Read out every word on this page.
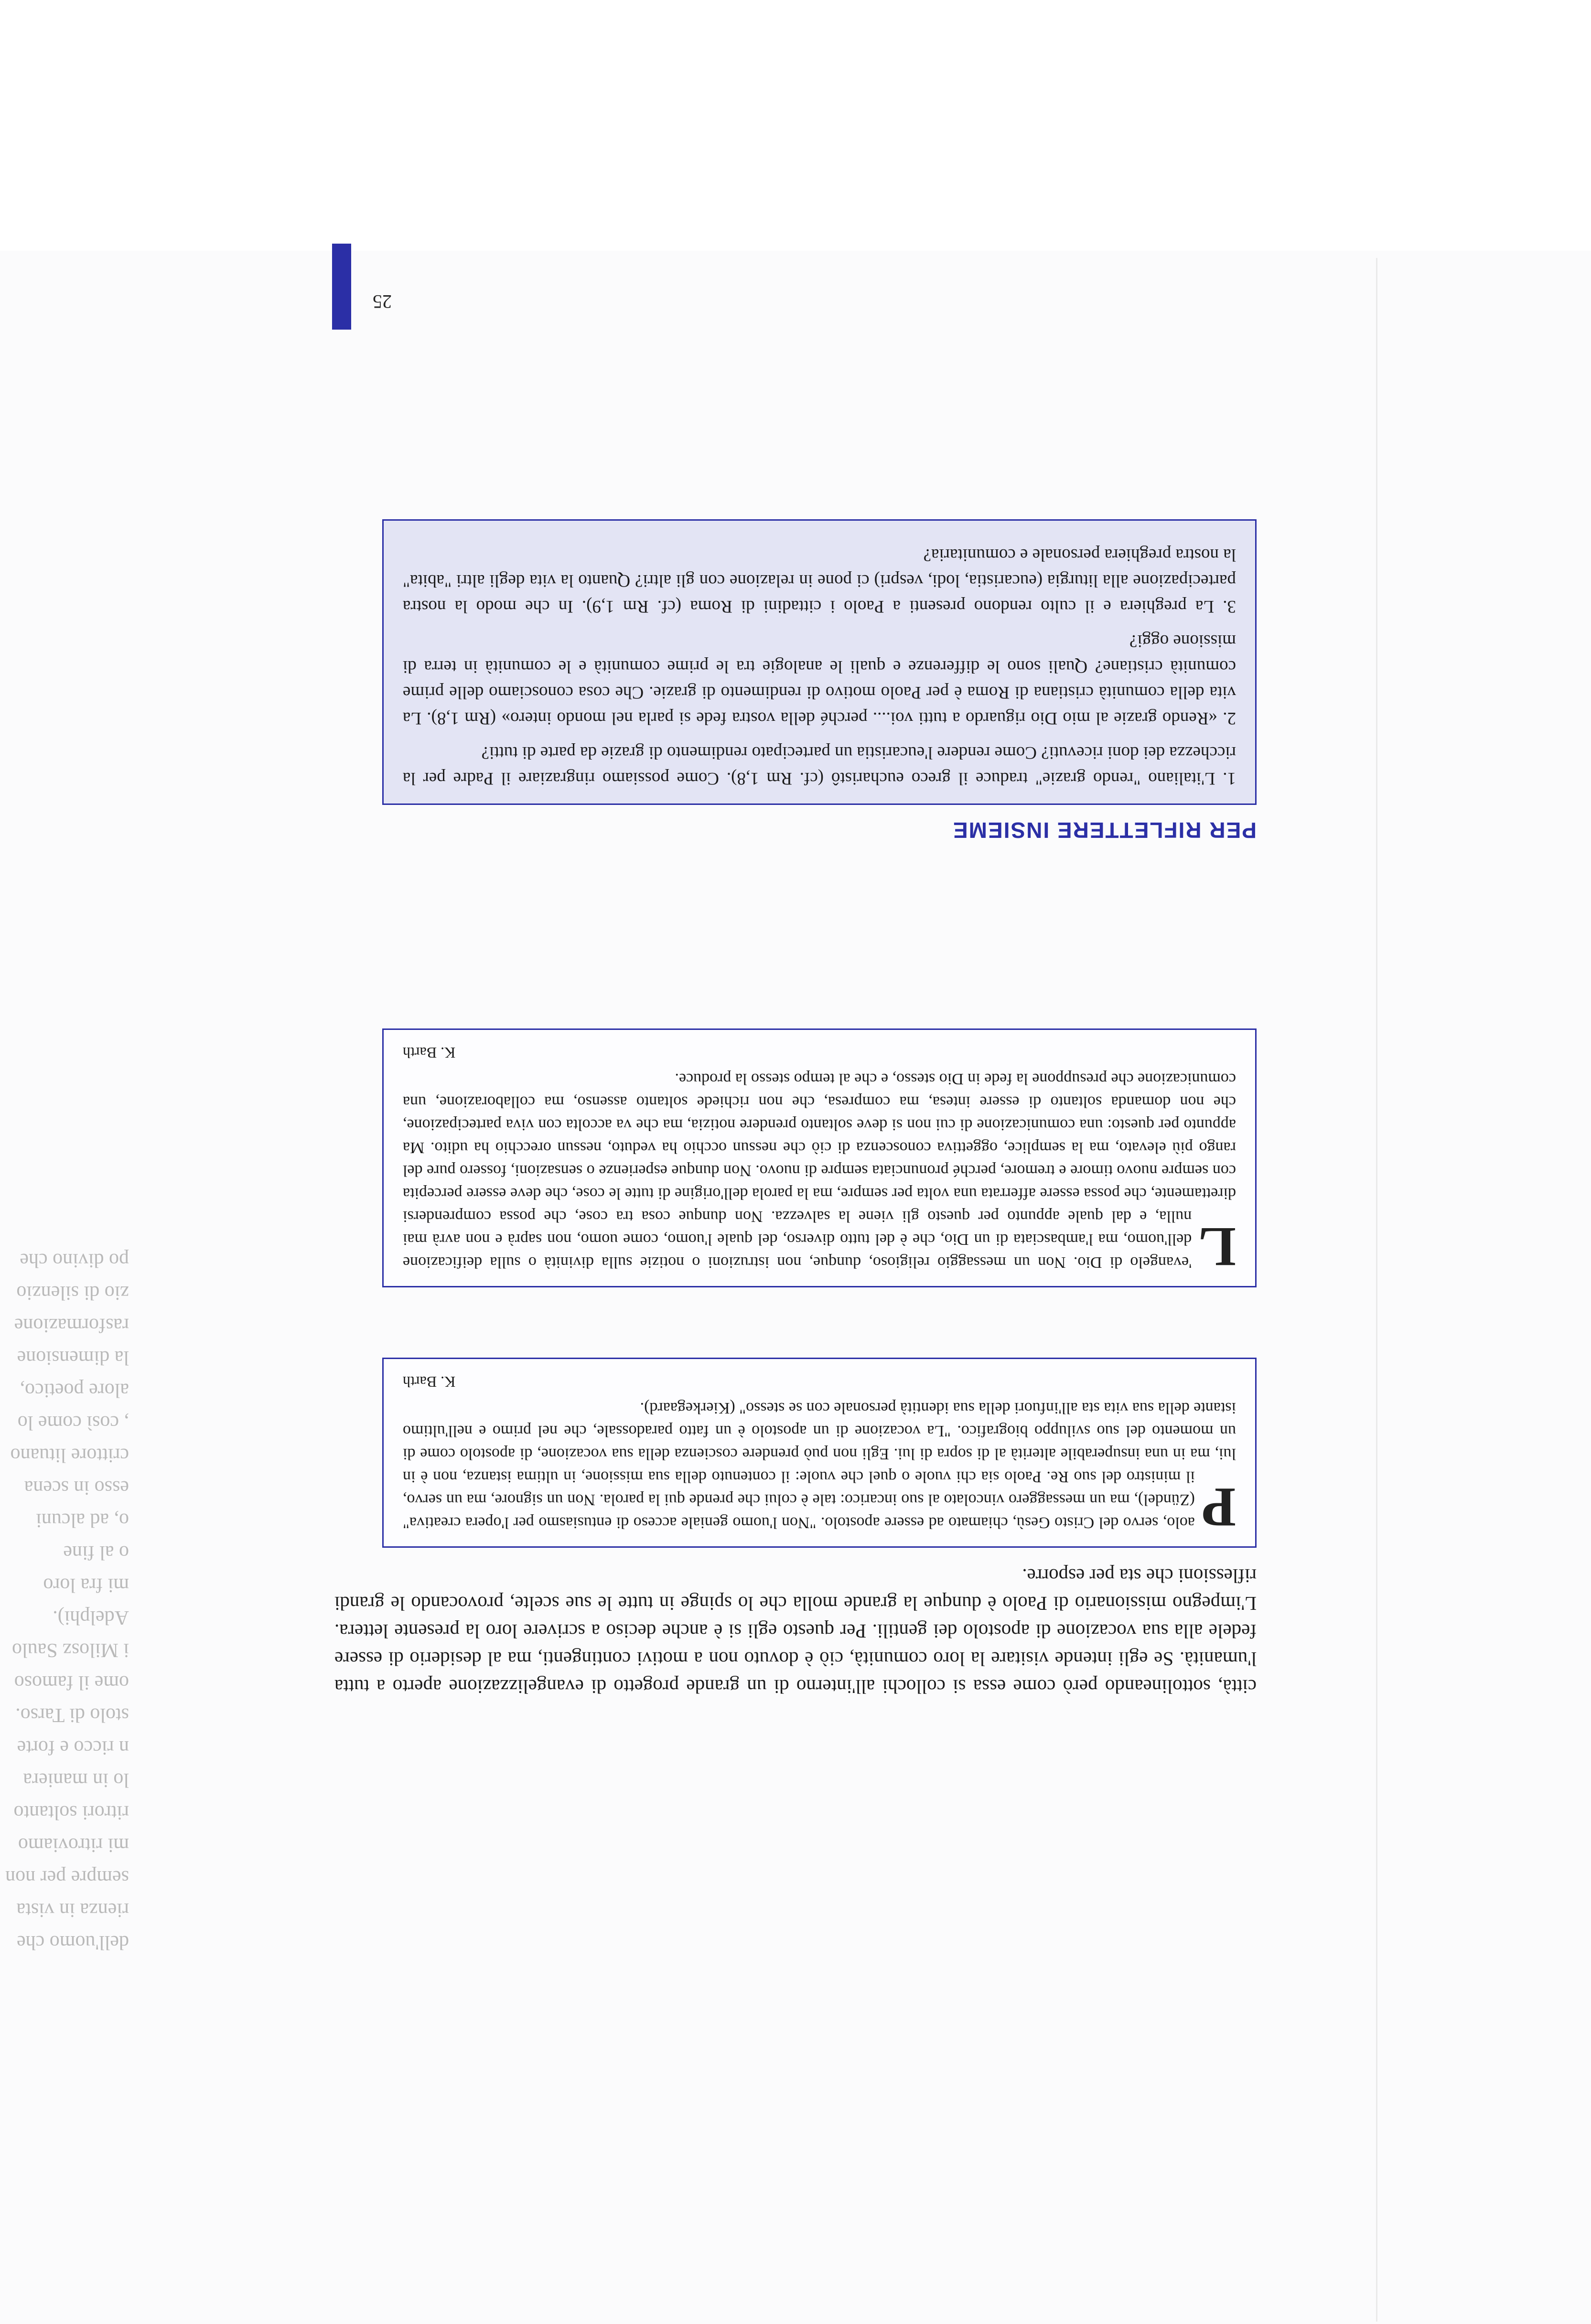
dell'uomo che
rienza in vista
sempre per non
mi ritroviamo
ritrori soltanto
lo in maniera
n ricco e forte
stolo di Tarso.
ome il famoso
i Milosz Saulo
Adelphi).
mi fra loro
o al fine
o, ad alcuni
esso in scena
crittore lituano
, così come lo
alore poetico,
la dimensione
rasformazione
zio di silenzio
po divino che
città, sottolineando però come essa si collochi all'interno di un grande progetto di evangelizzazione aperto a tutta l'umanità. Se egli intende visitare la loro comunità, ciò è dovuto non a motivi contingenti, ma al desiderio di essere fedele alla sua vocazione di apostolo dei gentili. Per questo egli si è anche deciso a scrivere loro la presente lettera. L'impegno missionario di Paolo è dunque la grande molla che lo spinge in tutte le sue scelte, provocando le grandi riflessioni che sta per esporre.
P
aolo, servo del Cristo Gesù, chiamato ad essere apostolo. "Non l'uomo geniale acceso di entusiasmo per l'opera creativa" (Zündel), ma un messaggero vincolato al suo incarico: tale è colui che prende qui la parola. Non un signore, ma un servo, il ministro del suo Re. Paolo sia chi vuole o quel che vuole: il contenuto della sua missione, in ultima istanza, non è in lui, ma in una insuperabile alterità al di sopra di lui. Egli non può prendere coscienza della sua vocazione, di apostolo come di un momento del suo sviluppo biografico. "La vocazione di un apostolo è un fatto paradossale, che nel primo e nell'ultimo istante della sua vita sta all'infuori della sua identità personale con se stesso" (Kierkegaard).
K. Barth
L
'evangelo di Dio. Non un messaggio religioso, dunque, non istruzioni o notizie sulla divinità o sulla deificazione dell'uomo, ma l'ambasciata di un Dio, che è del tutto diverso, del quale l'uomo, come uomo, non saprà e non avrà mai nulla, e dal quale appunto per questo gli viene la salvezza. Non dunque cosa tra cose, che possa comprendersi direttamente, che possa essere afferrata una volta per sempre, ma la parola dell'origine di tutte le cose, che deve essere percepita con sempre nuovo timore e tremore, perché pronunciata sempre di nuovo. Non dunque esperienze o sensazioni, fossero pure del rango più elevato, ma la semplice, oggettiva conoscenza di ciò che nessun occhio ha veduto, nessun orecchio ha udito. Ma appunto per questo: una comunicazione di cui non si deve soltanto prendere notizia, ma che va accolta con viva partecipazione, che non domanda soltanto di essere intesa, ma compresa, che non richiede soltanto assenso, ma collaborazione, una comunicazione che presuppone la fede in Dio stesso, e che al tempo stesso la produce.
K. Barth
PER RIFLETTERE INSIEME

1. L'italiano "rendo grazie" traduce il greco eucharistô (cf. Rm 1,8). Come possiamo ringraziare il Padre per la ricchezza dei doni ricevuti? Come rendere l'eucaristia un partecipato rendimento di grazie da parte di tutti?

2. «Rendo grazie al mio Dio riguardo a tutti voi.... perché della vostra fede si parla nel mondo intero» (Rm 1,8). La vita della comunità cristiana di Roma è per Paolo motivo di rendimento di grazie. Che cosa conosciamo delle prime comunità cristiane? Quali sono le differenze e quali le analogie tra le prime comunità e le comunità in terra di missione oggi?

3. La preghiera e il culto rendono presenti a Paolo i cittadini di Roma (cf. Rm 1,9). In che modo la nostra partecipazione alla liturgia (eucaristia, lodi, vespri) ci pone in relazione con gli altri? Quanto la vita degli altri "abita" la nostra preghiera personale e comunitaria?

25
